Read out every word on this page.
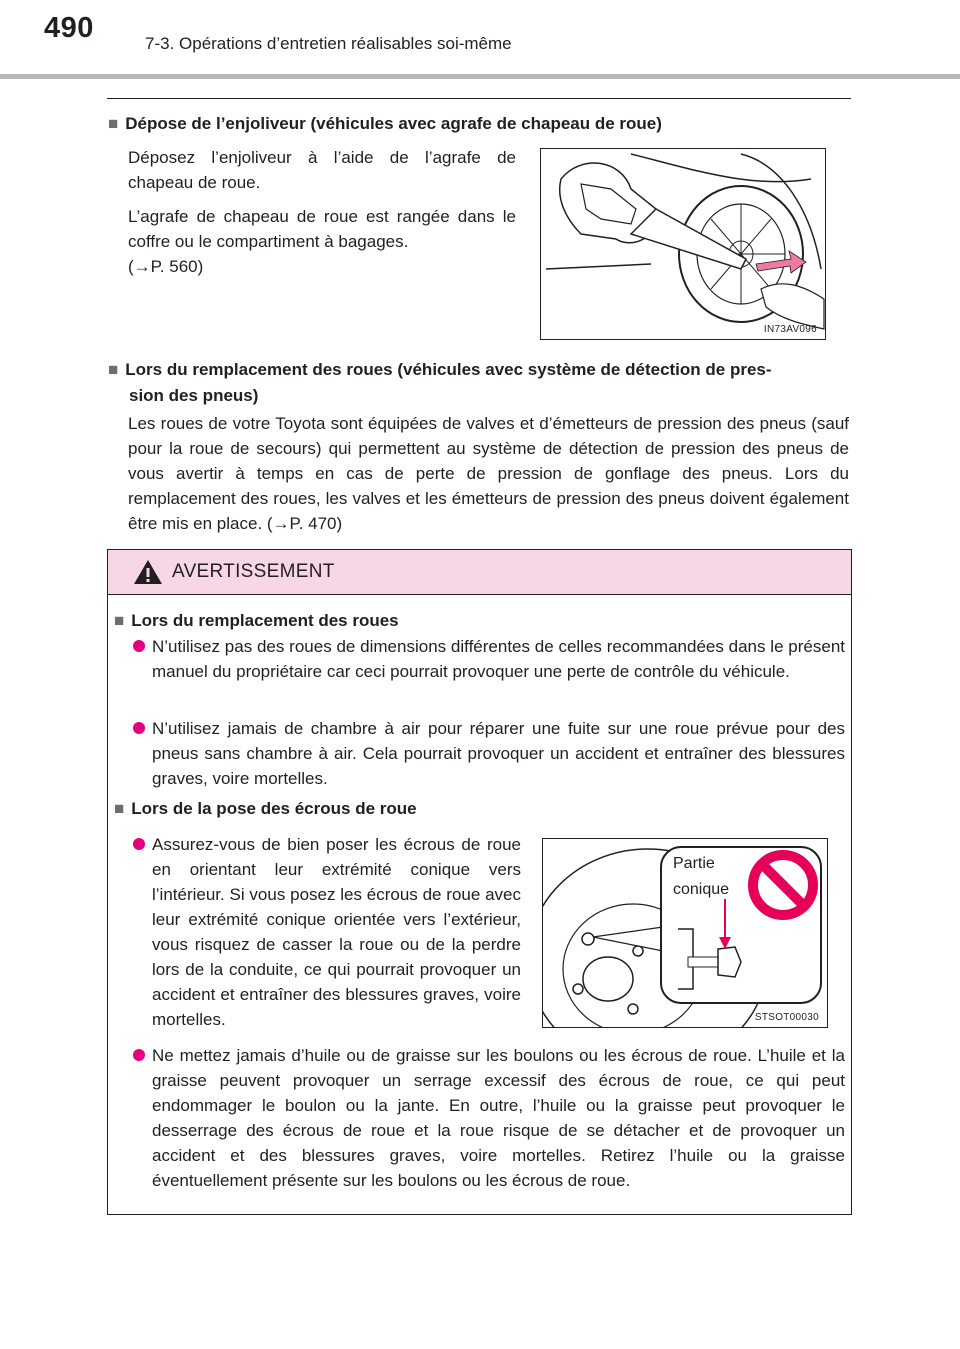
490	7-3. Opérations d’entretien réalisables soi-même
■ Dépose de l’enjoliveur (véhicules avec agrafe de chapeau de roue)

Déposez l’enjoliveur à l’aide de l’agrafe de chapeau de roue.

L’agrafe de chapeau de roue est rangée dans le coffre ou le compartiment à bagages.

(→P. 560)

IN73AV096
■ Lors du remplacement des roues (véhicules avec système de détection de pres-
sion des pneus)
Les roues de votre Toyota sont équipées de valves et d’émetteurs de pression des pneus (sauf pour la roue de secours) qui permettent au système de détection de pression des pneus de vous avertir à temps en cas de perte de pression de gonflage des pneus. Lors du remplacement des roues, les valves et les émetteurs de pression des pneus doivent également être mis en place. (→P. 470)
AVERTISSEMENT
■ Lors du remplacement des roues
N’utilisez pas des roues de dimensions différentes de celles recommandées dans le présent manuel du propriétaire car ceci pourrait provoquer une perte de contrôle du véhicule.
N’utilisez jamais de chambre à air pour réparer une fuite sur une roue prévue pour des pneus sans chambre à air. Cela pourrait provoquer un accident et entraîner des blessures graves, voire mortelles.
■ Lors de la pose des écrous de roue
Assurez-vous de bien poser les écrous de roue en orientant leur extrémité conique vers l’intérieur. Si vous posez les écrous de roue avec leur extrémité conique orientée vers l’extérieur, vous risquez de casser la roue ou de la perdre lors de la conduite, ce qui pourrait provoquer un accident et entraîner des blessures graves, voire mortelles.
Partie
conique
STSOT00030
Ne mettez jamais d’huile ou de graisse sur les boulons ou les écrous de roue. L’huile et la graisse peuvent provoquer un serrage excessif des écrous de roue, ce qui peut endommager le boulon ou la jante. En outre, l’huile ou la graisse peut provoquer le desserrage des écrous de roue et la roue risque de se détacher et de provoquer un accident et des blessures graves, voire mortelles. Retirez l’huile ou la graisse éventuellement présente sur les boulons ou les écrous de roue.
